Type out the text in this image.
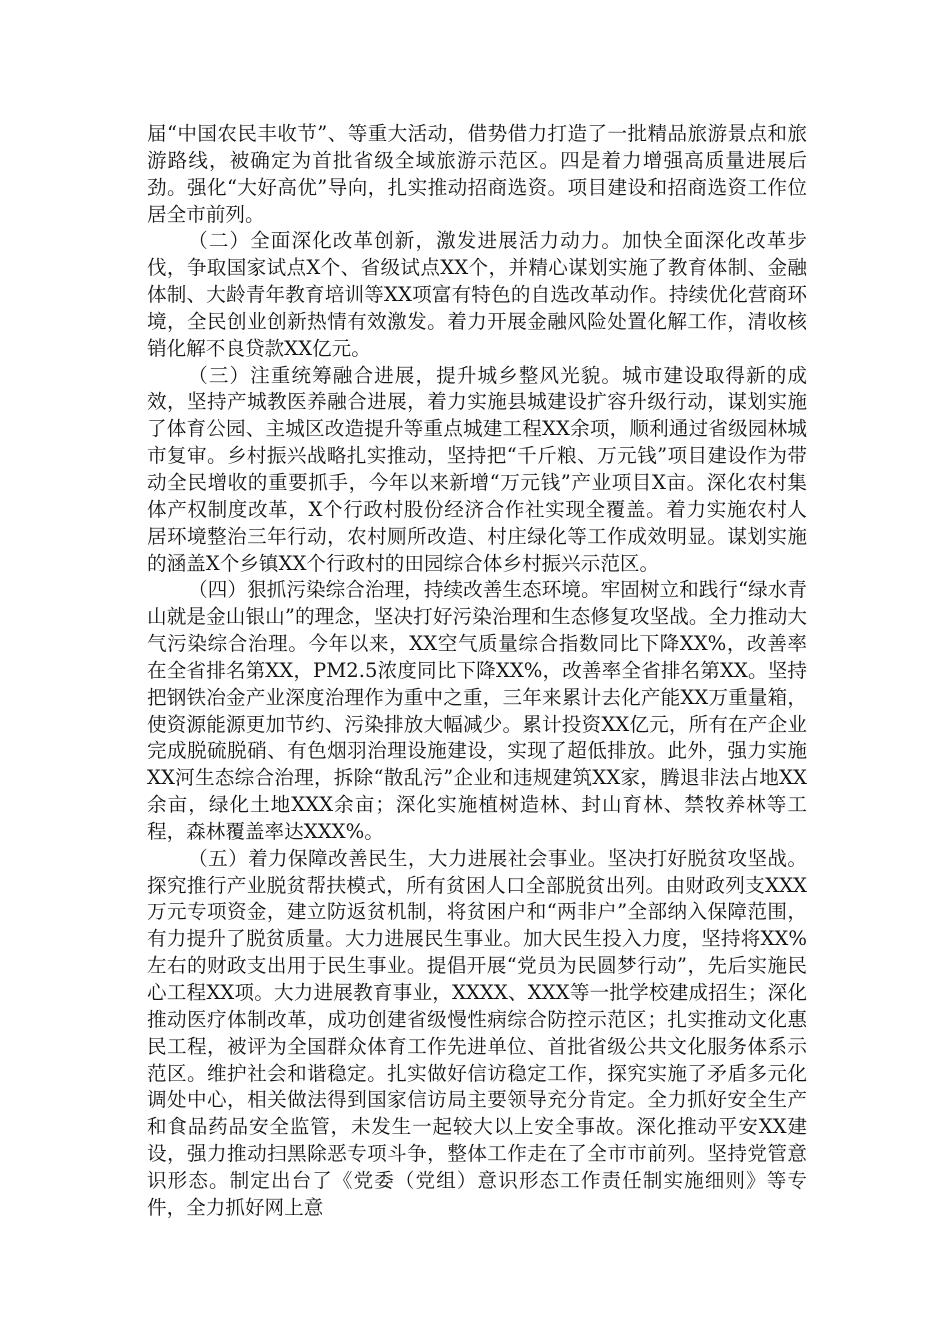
届“中国农民丰收节”、等重大活动，借势借力打造了一批精品旅游景点和旅游路线，被确定为首批省级全域旅游示范区。四是着力增强高质量进展后劲。强化“大好高优”导向，扎实推动招商选资。项目建设和招商选资工作位居全市前列。

（二）全面深化改革创新，激发进展活力动力。加快全面深化改革步伐，争取国家试点X个、省级试点XX个，并精心谋划实施了教育体制、金融体制、大龄青年教育培训等XX项富有特色的自选改革动作。持续优化营商环境，全民创业创新热情有效激发。着力开展金融风险处置化解工作，清收核销化解不良贷款XX亿元。

（三）注重统筹融合进展，提升城乡整风光貌。城市建设取得新的成效，坚持产城教医养融合进展，着力实施县城建设扩容升级行动，谋划实施了体育公园、主城区改造提升等重点城建工程XX余项，顺利通过省级园林城市复审。乡村振兴战略扎实推动，坚持把“千斤粮、万元钱”项目建设作为带动全民增收的重要抓手，今年以来新增“万元钱”产业项目X亩。深化农村集体产权制度改革，X个行政村股份经济合作社实现全覆盖。着力实施农村人居环境整治三年行动，农村厕所改造、村庄绿化等工作成效明显。谋划实施的涵盖X个乡镇XX个行政村的田园综合体乡村振兴示范区。

（四）狠抓污染综合治理，持续改善生态环境。牢固树立和践行“绿水青山就是金山银山”的理念，坚决打好污染治理和生态修复攻坚战。全力推动大气污染综合治理。今年以来，XX空气质量综合指数同比下降XX%，改善率在全省排名第XX，PM2.5浓度同比下降XX%，改善率全省排名第XX。坚持把钢铁冶金产业深度治理作为重中之重，三年来累计去化产能XX万重量箱，使资源能源更加节约、污染排放大幅减少。累计投资XX亿元，所有在产企业完成脱硫脱硝、有色烟羽治理设施建设，实现了超低排放。此外，强力实施XX河生态综合治理，拆除“散乱污”企业和违规建筑XX家，腾退非法占地XX余亩，绿化土地XXX余亩；深化实施植树造林、封山育林、禁牧养林等工程，森林覆盖率达XXX%。

（五）着力保障改善民生，大力进展社会事业。坚决打好脱贫攻坚战。探究推行产业脱贫帮扶模式，所有贫困人口全部脱贫出列。由财政列支XXX万元专项资金，建立防返贫机制，将贫困户和“两非户”全部纳入保障范围，有力提升了脱贫质量。大力进展民生事业。加大民生投入力度，坚持将XX%左右的财政支出用于民生事业。提倡开展“党员为民圆梦行动”，先后实施民心工程XX项。大力进展教育事业，XXXX、XXX等一批学校建成招生；深化推动医疗体制改革，成功创建省级慢性病综合防控示范区；扎实推动文化惠民工程，被评为全国群众体育工作先进单位、首批省级公共文化服务体系示范区。维护社会和谐稳定。扎实做好信访稳定工作，探究实施了矛盾多元化调处中心，相关做法得到国家信访局主要领导充分肯定。全力抓好安全生产和食品药品安全监管，未发生一起较大以上安全事故。深化推动平安XX建设，强力推动扫黑除恶专项斗争，整体工作走在了全市市前列。坚持党管意识形态。制定出台了《党委（党组）意识形态工作责任制实施细则》等专件，全力抓好网上意
